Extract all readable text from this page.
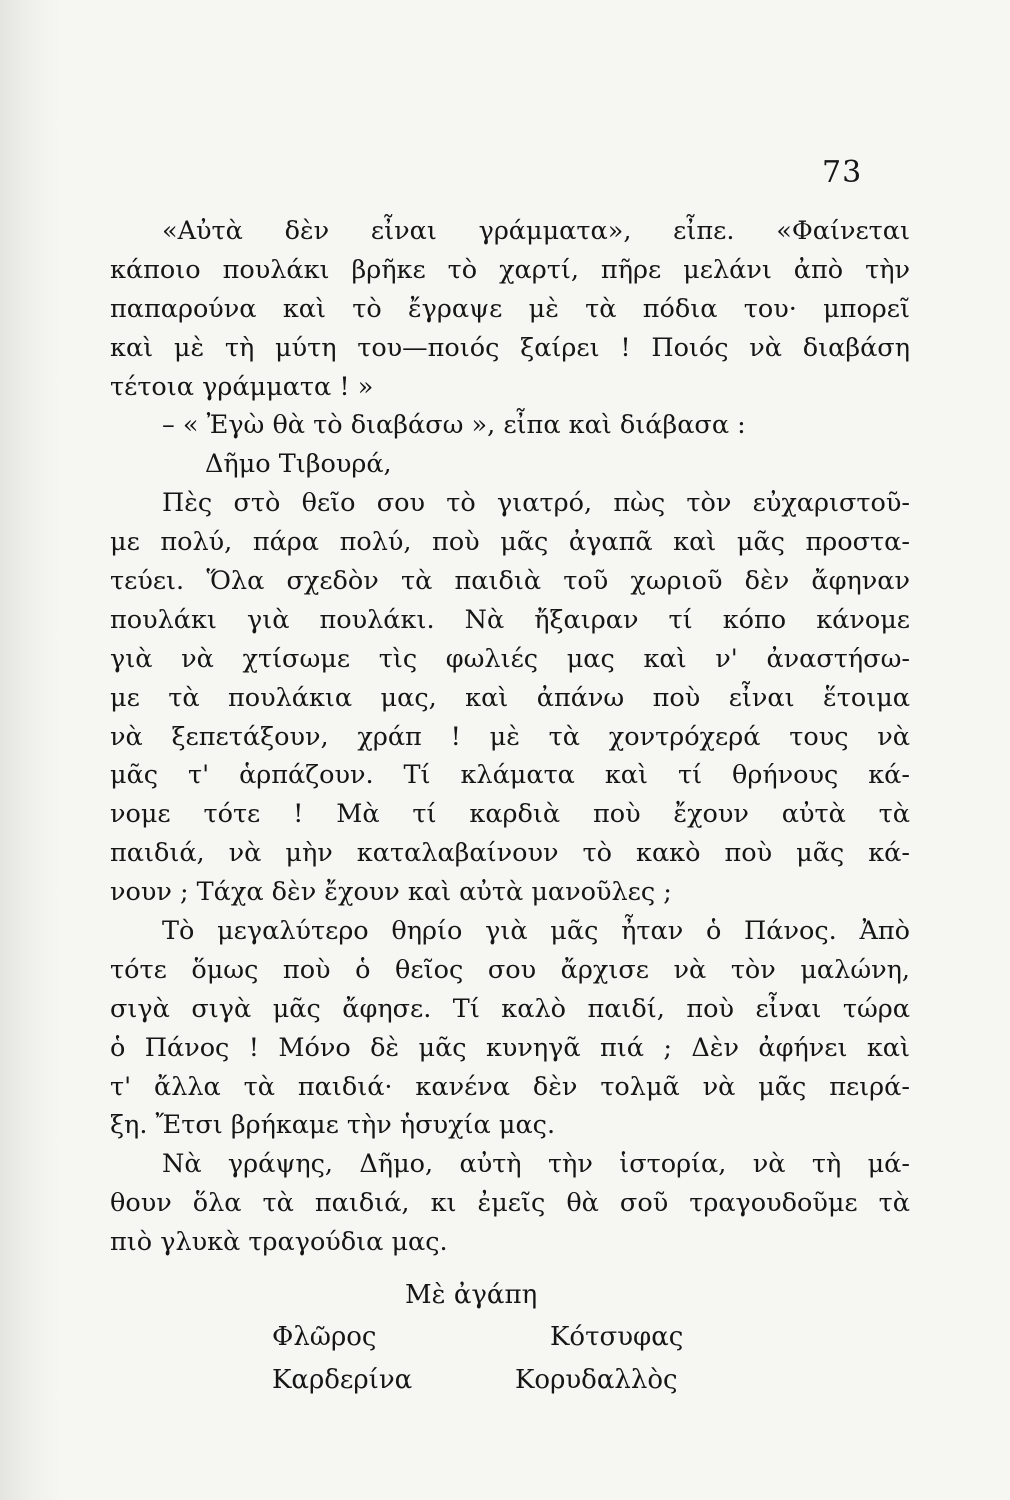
73
«Αὐτὰ δὲν εἶναι γράμματα», εἶπε. «Φαίνεται
κάποιο πουλάκι βρῆκε τὸ χαρτί, πῆρε μελάνι ἀπὸ τὴν
παπαρούνα καὶ τὸ ἔγραψε μὲ τὰ πόδια του· μπορεῖ
καὶ μὲ τὴ μύτη του—ποιός ξαίρει ! Ποιός νὰ διαβάση
τέτοια γράμματα ! »
– « Ἐγὼ θὰ τὸ διαβάσω », εἶπα καὶ διάβασα :
Δῆμο Τιβουρά,
Πὲς στὸ θεῖο σου τὸ γιατρό, πὼς τὸν εὐχαριστοῦ-
με πολύ, πάρα πολύ, ποὺ μᾶς ἀγαπᾶ καὶ μᾶς προστα-
τεύει. Ὅλα σχεδὸν τὰ παιδιὰ τοῦ χωριοῦ δὲν ἄφηναν
πουλάκι γιὰ πουλάκι. Νὰ ἤξαιραν τί κόπο κάνομε
γιὰ νὰ χτίσωμε τὶς φωλιές μας καὶ ν' ἀναστήσω-
με τὰ πουλάκια μας, καὶ ἀπάνω ποὺ εἶναι ἕτοιμα
νὰ ξεπετάξουν, χράπ ! μὲ τὰ χοντρόχερά τους νὰ
μᾶς τ' ἁρπάζουν. Τί κλάματα καὶ τί θρήνους κά-
νομε τότε ! Μὰ τί καρδιὰ ποὺ ἔχουν αὐτὰ τὰ
παιδιά, νὰ μὴν καταλαβαίνουν τὸ κακὸ ποὺ μᾶς κά-
νουν ; Τάχα δὲν ἔχουν καὶ αὐτὰ μανοῦλες ;
Τὸ μεγαλύτερο θηρίο γιὰ μᾶς ἦταν ὁ Πάνος. Ἀπὸ
τότε ὅμως ποὺ ὁ θεῖος σου ἄρχισε νὰ τὸν μαλώνη,
σιγὰ σιγὰ μᾶς ἄφησε. Τί καλὸ παιδί, ποὺ εἶναι τώρα
ὁ Πάνος ! Μόνο δὲ μᾶς κυνηγᾶ πιά ; Δὲν ἀφήνει καὶ
τ' ἄλλα τὰ παιδιά· κανένα δὲν τολμᾶ νὰ μᾶς πειρά-
ξη. Ἔτσι βρήκαμε τὴν ἡσυχία μας.
Νὰ γράψης, Δῆμο, αὐτὴ τὴν ἱστορία, νὰ τὴ μά-
θουν ὅλα τὰ παιδιά, κι ἐμεῖς θὰ σοῦ τραγουδοῦμε τὰ
πιὸ γλυκὰ τραγούδια μας.
Μὲ ἀγάπη
Φλῶρος	Κότσυφας
Καρδερίνα	Κορυδαλλὸς
